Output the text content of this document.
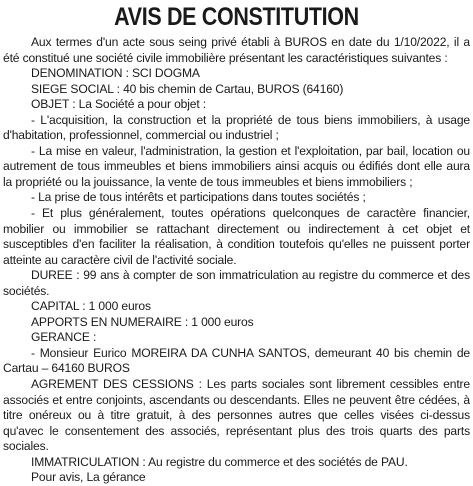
AVIS DE CONSTITUTION

Aux termes d'un acte sous seing privé établi à BUROS en date du 1/10/2022, il a été constitué une société civile immobilière présentant les caractéristiques suivantes :

DENOMINATION : SCI DOGMA

SIEGE SOCIAL : 40 bis chemin de Cartau, BUROS (64160)

OBJET : La Société a pour objet :

- L'acquisition, la construction et la propriété de tous biens immobiliers, à usage d'habitation, professionnel, commercial ou industriel ;

- La mise en valeur, l'administration, la gestion et l'exploitation, par bail, location ou autrement de tous immeubles et biens immobiliers ainsi acquis ou édifiés dont elle aura la propriété ou la jouissance, la vente de tous immeubles et biens immobiliers ;

- La prise de tous intérêts et participations dans toutes sociétés ;

- Et plus généralement, toutes opérations quelconques de caractère financier, mobilier ou immobilier se rattachant directement ou indirectement à cet objet et susceptibles d'en faciliter la réalisation, à condition toutefois qu'elles ne puissent porter atteinte au caractère civil de l'activité sociale.

DUREE : 99 ans à compter de son immatriculation au registre du commerce et des sociétés.

CAPITAL : 1 000 euros

APPORTS EN NUMERAIRE : 1 000 euros

GERANCE :

- Monsieur Eurico MOREIRA DA CUNHA SANTOS, demeurant 40 bis chemin de Cartau – 64160 BUROS

AGREMENT DES CESSIONS : Les parts sociales sont librement cessibles entre associés et entre conjoints, ascendants ou descendants. Elles ne peuvent être cédées, à titre onéreux ou à titre gratuit, à des personnes autres que celles visées ci-dessus qu'avec le consentement des associés, représentant plus des trois quarts des parts sociales.

IMMATRICULATION : Au registre du commerce et des sociétés de PAU.

Pour avis, La gérance
